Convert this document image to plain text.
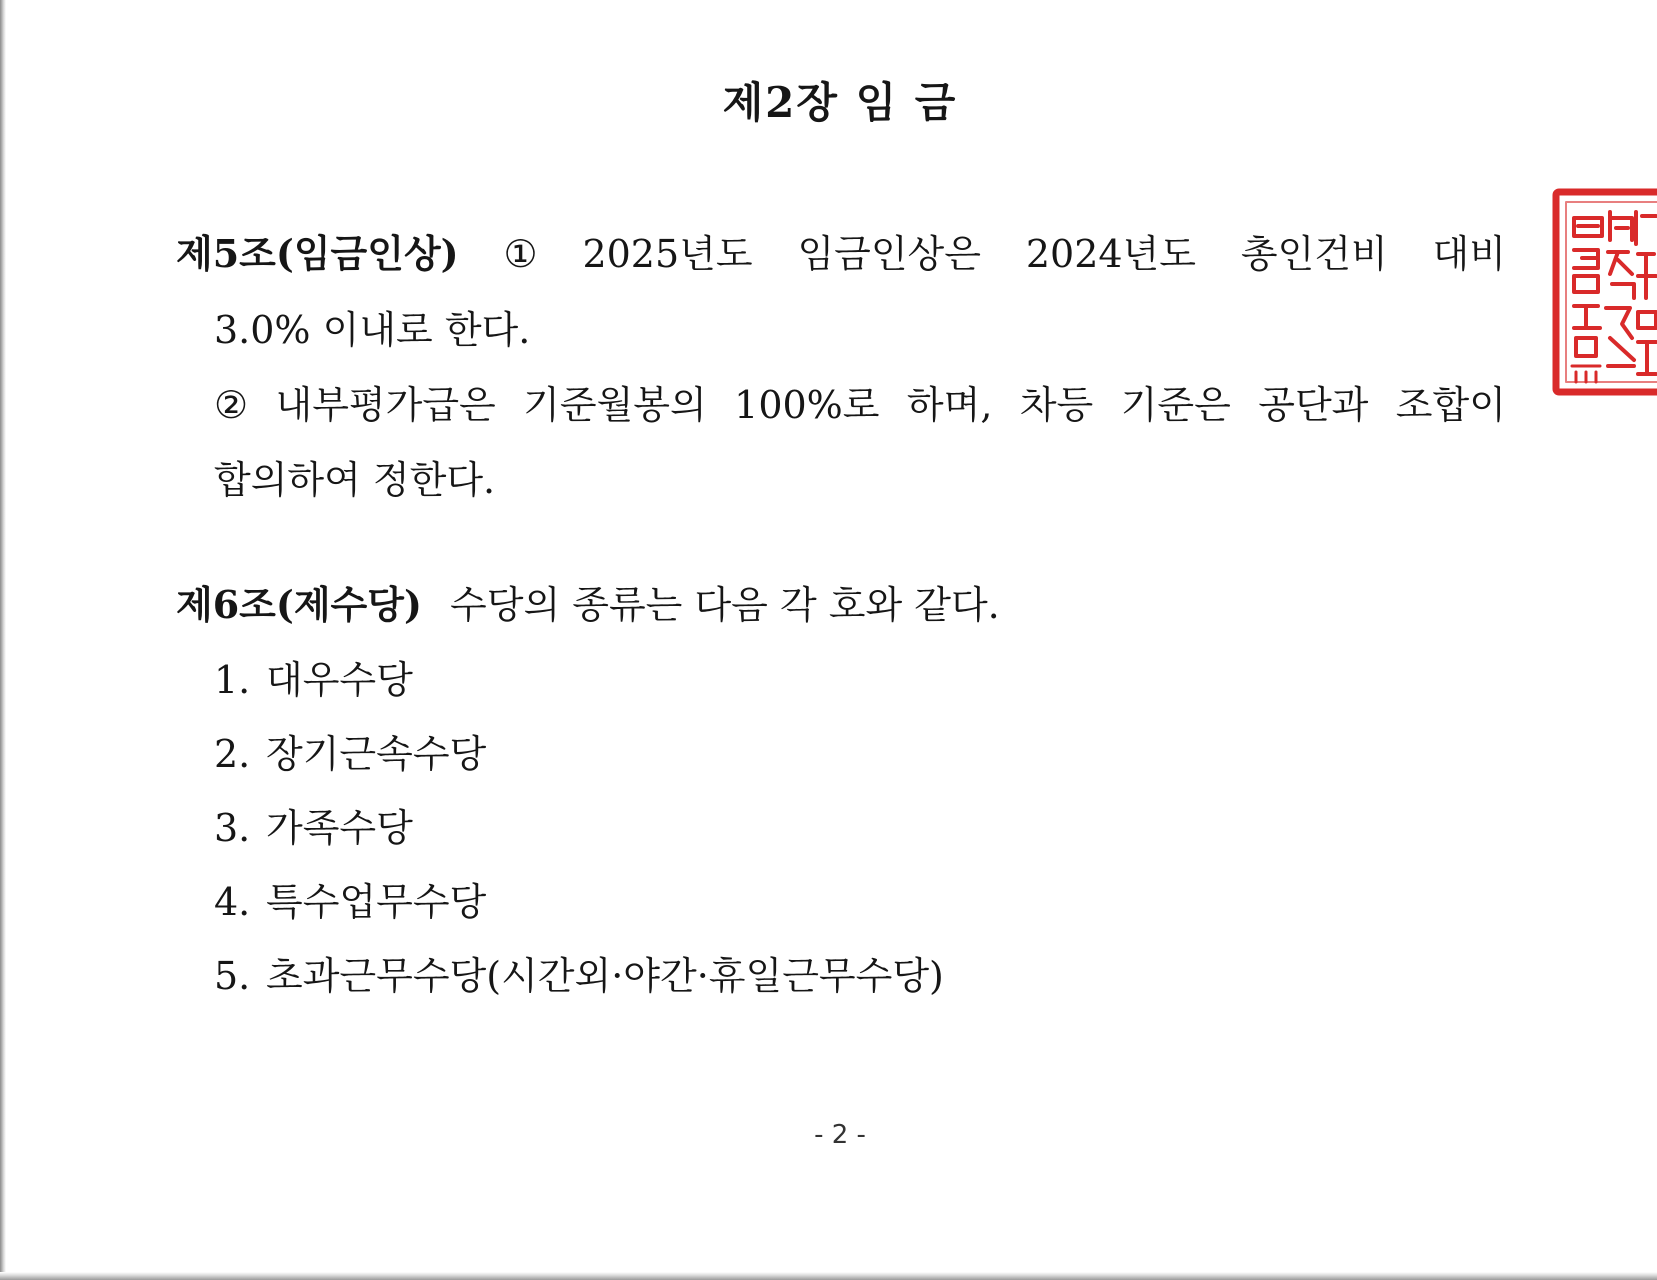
제2장 임 금
제5조(임금인상) ① 2025년도 임금인상은 2024년도 총인건비 대비
3.0% 이내로 한다.
② 내부평가급은 기준월봉의 100%로 하며, 차등 기준은 공단과 조합이
합의하여 정한다.
제6조(제수당) 수당의 종류는 다음 각 호와 같다.
1. 대우수당
2. 장기근속수당
3. 가족수당
4. 특수업무수당
5. 초과근무수당(시간외·야간·휴일근무수당)
- 2 -
